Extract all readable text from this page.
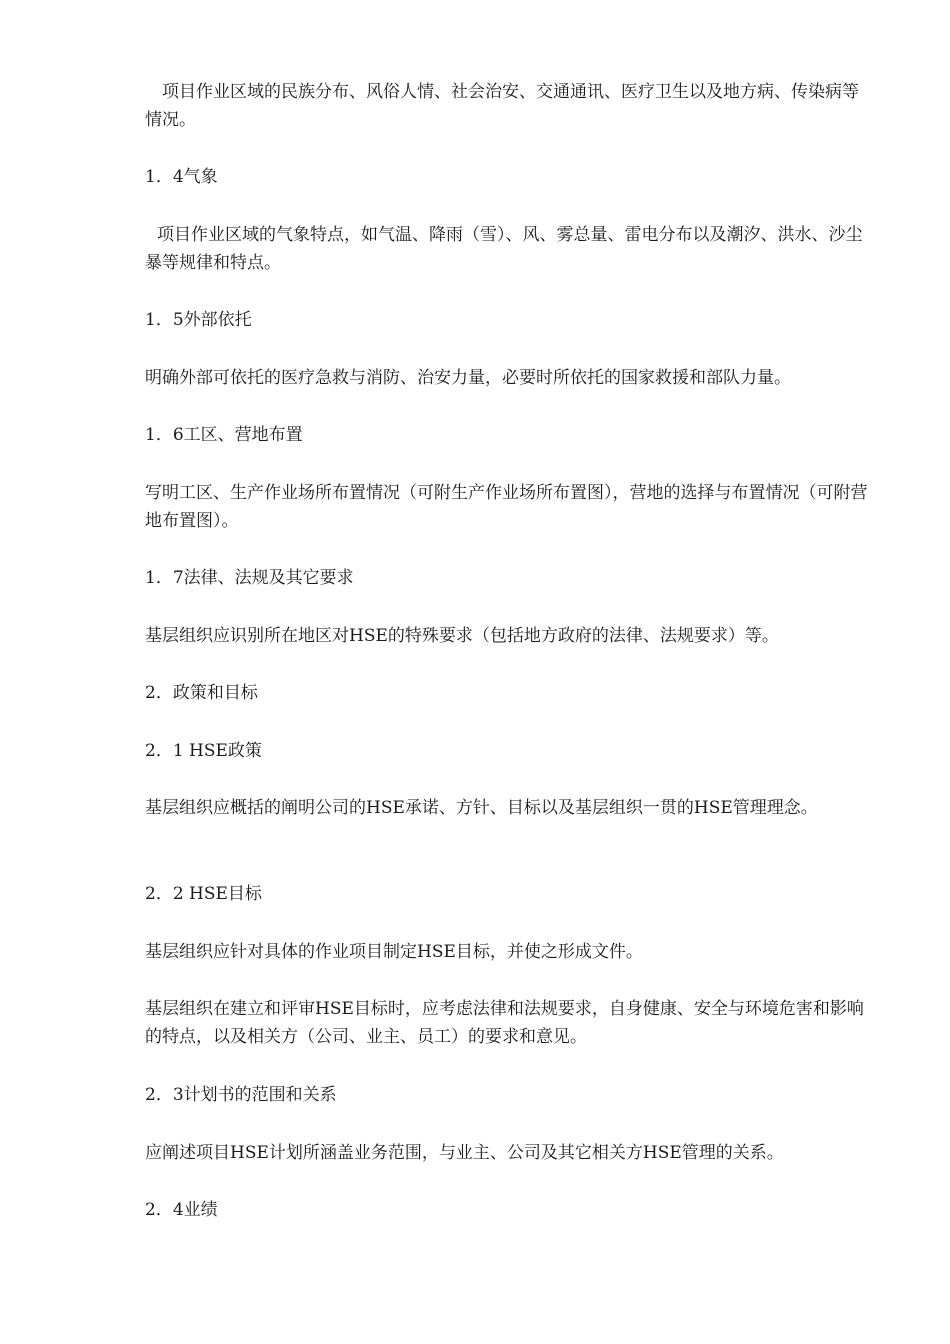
项目作业区域的民族分布、风俗人情、社会治安、交通通讯、医疗卫生以及地方病、传染病等情况。

1．4气象

项目作业区域的气象特点，如气温、降雨（雪）、风、雾总量、雷电分布以及潮汐、洪水、沙尘暴等规律和特点。

1．5外部依托

明确外部可依托的医疗急救与消防、治安力量，必要时所依托的国家救援和部队力量。

1．6工区、营地布置

写明工区、生产作业场所布置情况（可附生产作业场所布置图），营地的选择与布置情况（可附营地布置图）。

1．7法律、法规及其它要求

基层组织应识别所在地区对HSE的特殊要求（包括地方政府的法律、法规要求）等。

2．政策和目标

2．1 HSE政策

基层组织应概括的阐明公司的HSE承诺、方针、目标以及基层组织一贯的HSE管理理念。

2．2 HSE目标

基层组织应针对具体的作业项目制定HSE目标，并使之形成文件。

基层组织在建立和评审HSE目标时，应考虑法律和法规要求，自身健康、安全与环境危害和影响的特点，以及相关方（公司、业主、员工）的要求和意见。

2．3计划书的范围和关系

应阐述项目HSE计划所涵盖业务范围，与业主、公司及其它相关方HSE管理的关系。

2．4业绩
